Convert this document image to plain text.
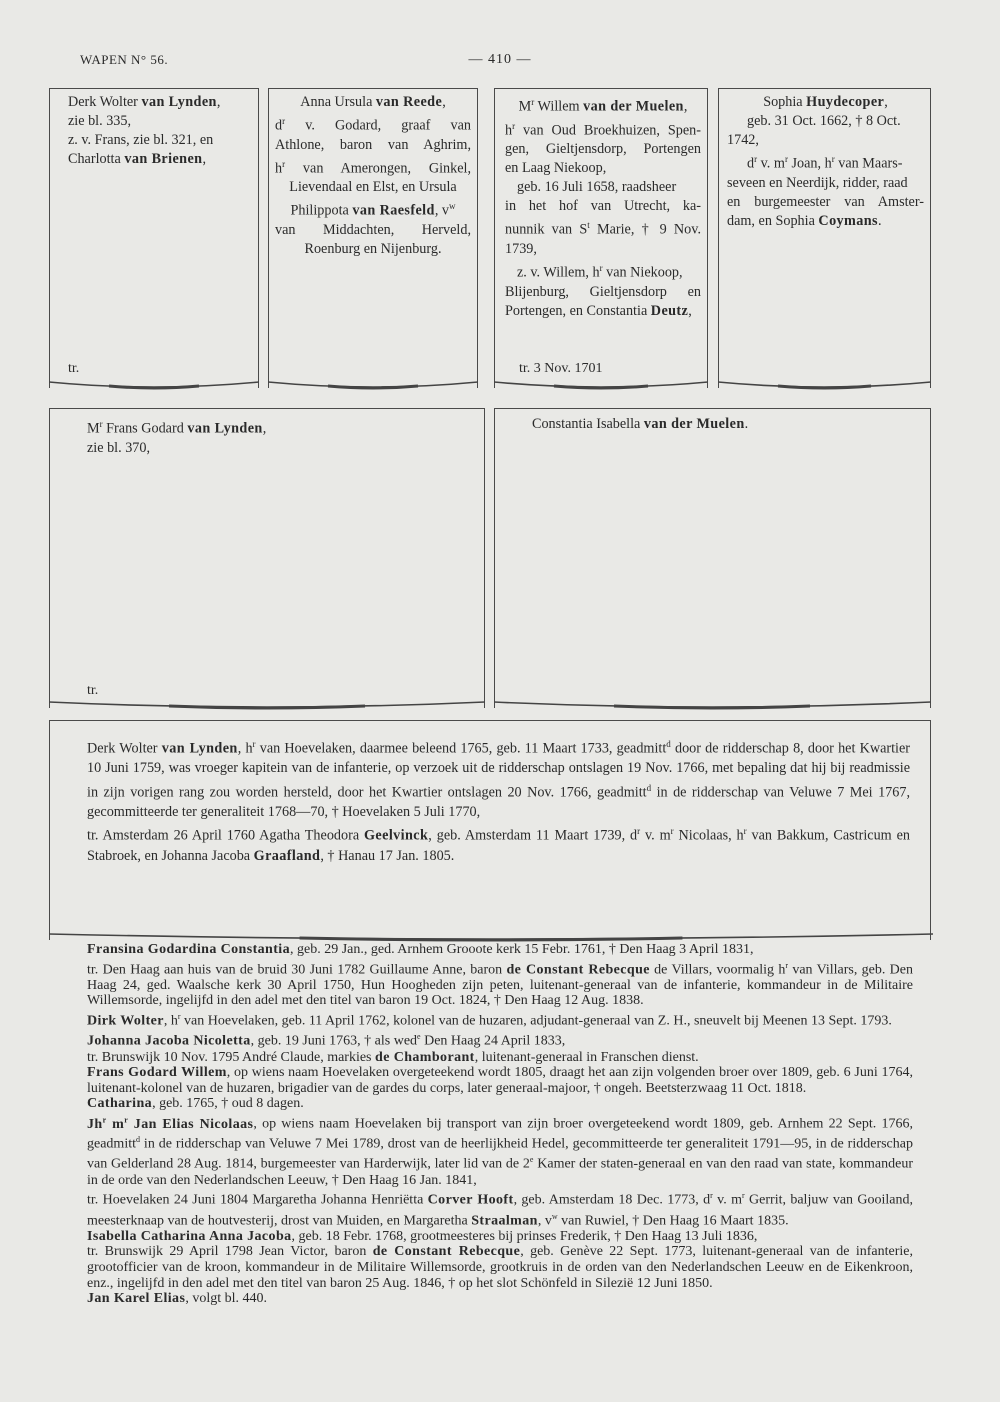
WAPEN N° 56.	— 410 —
Derk Wolter van Lynden,
zie bl. 335,
z. v. Frans, zie bl. 321, en
Charlotta van Brienen,
tr.
Anna Ursula van Reede,
$d^r$ v. Godard, graaf van
Athlone, baron van Aghrim,
$h^r$ van Amerongen, Ginkel,
Lievendaal en Elst, en Ursula
Philippota van Raesfeld, $v^w$
van Middachten, Herveld,
Roenburg en Nijenburg.
$M^r$ Willem van der Muelen,
$h^r$ van Oud Broekhuizen, Spen-
gen, Gieltjensdorp, Portengen
en Laag Niekoop,
geb. 16 Juli 1658, raadsheer
in het hof van Utrecht, ka-
nunnik van $S^t$ Marie, † 9 Nov.
1739,
z. v. Willem, $h^r$ van Niekoop,
Blijenburg, Gieltjensdorp en
Portengen, en Constantia Deutz,
tr. 3 Nov. 1701
Sophia Huydecoper,
geb. 31 Oct. 1662, † 8 Oct.
1742,
$d^r$ v. $m^r$ Joan, $h^r$ van Maars-
seveen en Neerdijk, ridder, raad
en burgemeester van Amster-
dam, en Sophia Coymans.
$M^r$ Frans Godard van Lynden,
zie bl. 370,
tr.
Constantia Isabella van der Muelen.
Derk Wolter van Lynden, $h^r$ van Hoevelaken, daarmee beleend 1765, geb. 11 Maart 1733, geadmitt$^d$ door de ridderschap 8, door het Kwartier 10 Juni 1759, was vroeger kapitein van de infanterie, op verzoek uit de ridderschap ontslagen 19 Nov. 1766, met bepaling dat hij bij readmissie in zijn vorigen rang zou worden hersteld, door het Kwartier ontslagen 20 Nov. 1766, geadmitt$^d$ in de ridderschap van Veluwe 7 Mei 1767, gecommitteerde ter generaliteit 1768—70, † Hoevelaken 5 Juli 1770,
tr. Amsterdam 26 April 1760 Agatha Theodora Geelvinck, geb. Amsterdam 11 Maart 1739, $d^r$ v. $m^r$ Nicolaas, $h^r$ van Bakkum, Castricum en Stabroek, en Johanna Jacoba Graafland, † Hanau 17 Jan. 1805.

Fransina Godardina Constantia, geb. 29 Jan., ged. Arnhem Grooote kerk 15 Febr. 1761, † Den Haag 3 April 1831,

tr. Den Haag aan huis van de bruid 30 Juni 1782 Guillaume Anne, baron de Constant Rebecque de Villars, voormalig $h^r$ van Villars, geb. Den Haag 24, ged. Waalsche kerk 30 April 1750, Hun Hoogheden zijn peten, luitenant-generaal van de infanterie, kommandeur in de Militaire Willemsorde, ingelijfd in den adel met den titel van baron 19 Oct. 1824, † Den Haag 12 Aug. 1838.

Dirk Wolter, $h^r$ van Hoevelaken, geb. 11 April 1762, kolonel van de huzaren, adjudant-generaal van Z. H., sneuvelt bij Meenen 13 Sept. 1793.

Johanna Jacoba Nicoletta, geb. 19 Juni 1763, † als wed$^e$ Den Haag 24 April 1833,

tr. Brunswijk 10 Nov. 1795 André Claude, markies de Chamborant, luitenant-generaal in Franschen dienst.

Frans Godard Willem, op wiens naam Hoevelaken overgeteekend wordt 1805, draagt het aan zijn volgenden broer over 1809, geb. 6 Juni 1764, luitenant-kolonel van de huzaren, brigadier van de gardes du corps, later generaal-majoor, † ongeh. Beetsterzwaag 11 Oct. 1818.

Catharina, geb. 1765, † oud 8 dagen.

Jh$^r$ $m^r$ Jan Elias Nicolaas, op wiens naam Hoevelaken bij transport van zijn broer overgeteekend wordt 1809, geb. Arnhem 22 Sept. 1766, geadmitt$^d$ in de ridderschap van Veluwe 7 Mei 1789, drost van de heerlijkheid Hedel, gecommitteerde ter generaliteit 1791—95, in de ridderschap van Gelderland 28 Aug. 1814, burgemeester van Harderwijk, later lid van de 2e Kamer der staten-generaal en van den raad van state, kommandeur in de orde van den Nederlandschen Leeuw, † Den Haag 16 Jan. 1841,

tr. Hoevelaken 24 Juni 1804 Margaretha Johanna Henriëtta Corver Hooft, geb. Amsterdam 18 Dec. 1773, $d^r$ v. $m^r$ Gerrit, baljuw van Gooiland, meesterknaap van de houtvesterij, drost van Muiden, en Margaretha Straalman, $v^w$ van Ruwiel, † Den Haag 16 Maart 1835.

Isabella Catharina Anna Jacoba, geb. 18 Febr. 1768, grootmeesteres bij prinses Frederik, † Den Haag 13 Juli 1836,

tr. Brunswijk 29 April 1798 Jean Victor, baron de Constant Rebecque, geb. Genève 22 Sept. 1773, luitenant-generaal van de infanterie, grootofficier van de kroon, kommandeur in de Militaire Willemsorde, grootkruis in de orden van den Nederlandschen Leeuw en de Eikenkroon, enz., ingelijfd in den adel met den titel van baron 25 Aug. 1846, † op het slot Schönfeld in Silezië 12 Juni 1850.

Jan Karel Elias, volgt bl. 440.
